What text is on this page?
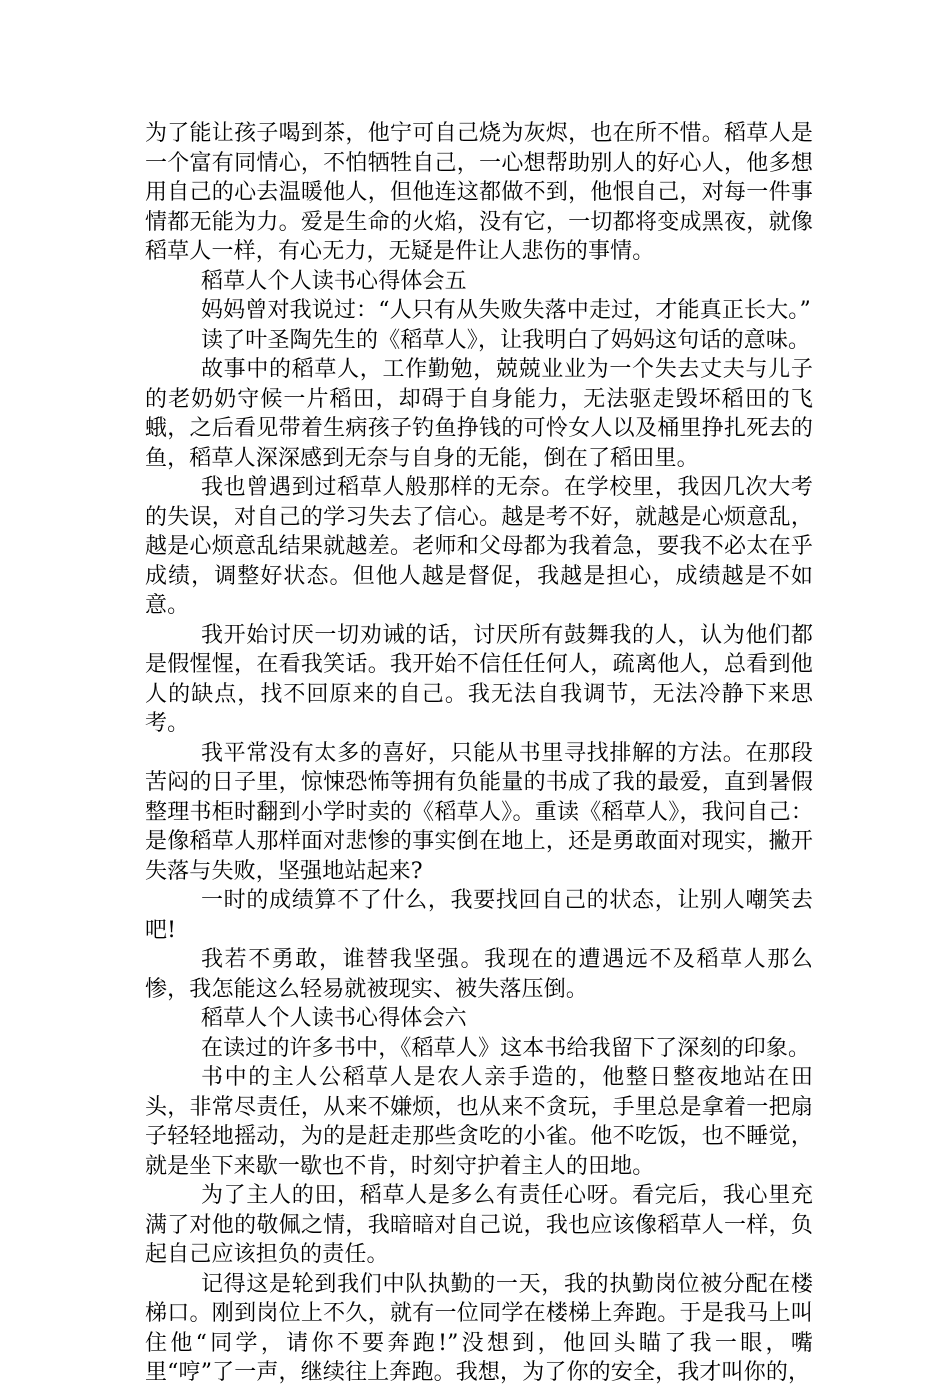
为了能让孩子喝到茶，他宁可自己烧为灰烬，也在所不惜。稻草人是一个富有同情心，不怕牺牲自己，一心想帮助别人的好心人，他多想用自己的心去温暖他人，但他连这都做不到，他恨自己，对每一件事情都无能为力。爱是生命的火焰，没有它，一切都将变成黑夜，就像稻草人一样，有心无力，无疑是件让人悲伤的事情。

稻草人个人读书心得体会五

妈妈曾对我说过：“人只有从失败失落中走过，才能真正长大。”

读了叶圣陶先生的《稻草人》，让我明白了妈妈这句话的意味。

故事中的稻草人，工作勤勉，兢兢业业为一个失去丈夫与儿子的老奶奶守候一片稻田，却碍于自身能力，无法驱走毁坏稻田的飞蛾，之后看见带着生病孩子钓鱼挣钱的可怜女人以及桶里挣扎死去的鱼，稻草人深深感到无奈与自身的无能，倒在了稻田里。

我也曾遇到过稻草人般那样的无奈。在学校里，我因几次大考的失误，对自己的学习失去了信心。越是考不好，就越是心烦意乱，越是心烦意乱结果就越差。老师和父母都为我着急，要我不必太在乎成绩，调整好状态。但他人越是督促，我越是担心，成绩越是不如意。

我开始讨厌一切劝诫的话，讨厌所有鼓舞我的人，认为他们都是假惺惺，在看我笑话。我开始不信任任何人，疏离他人，总看到他人的缺点，找不回原来的自己。我无法自我调节，无法冷静下来思考。

我平常没有太多的喜好，只能从书里寻找排解的方法。在那段苦闷的日子里，惊悚恐怖等拥有负能量的书成了我的最爱，直到暑假整理书柜时翻到小学时卖的《稻草人》。重读《稻草人》，我问自己：是像稻草人那样面对悲惨的事实倒在地上，还是勇敢面对现实，撇开失落与失败，坚强地站起来?

一时的成绩算不了什么，我要找回自己的状态，让别人嘲笑去吧!

我若不勇敢，谁替我坚强。我现在的遭遇远不及稻草人那么惨，我怎能这么轻易就被现实、被失落压倒。

稻草人个人读书心得体会六

在读过的许多书中，《稻草人》这本书给我留下了深刻的印象。

书中的主人公稻草人是农人亲手造的，他整日整夜地站在田头，非常尽责任，从来不嫌烦，也从来不贪玩，手里总是拿着一把扇子轻轻地摇动，为的是赶走那些贪吃的小雀。他不吃饭，也不睡觉，就是坐下来歇一歇也不肯，时刻守护着主人的田地。

为了主人的田，稻草人是多么有责任心呀。看完后，我心里充满了对他的敬佩之情，我暗暗对自己说，我也应该像稻草人一样，负起自己应该担负的责任。

记得这是轮到我们中队执勤的一天，我的执勤岗位被分配在楼梯口。刚到岗位上不久，就有一位同学在楼梯上奔跑。于是我马上叫住他“同学，请你不要奔跑!”没想到，他回头瞄了我一眼，嘴里“哼”了一声，继续往上奔跑。我想，为了你的安全，我才叫你的，
